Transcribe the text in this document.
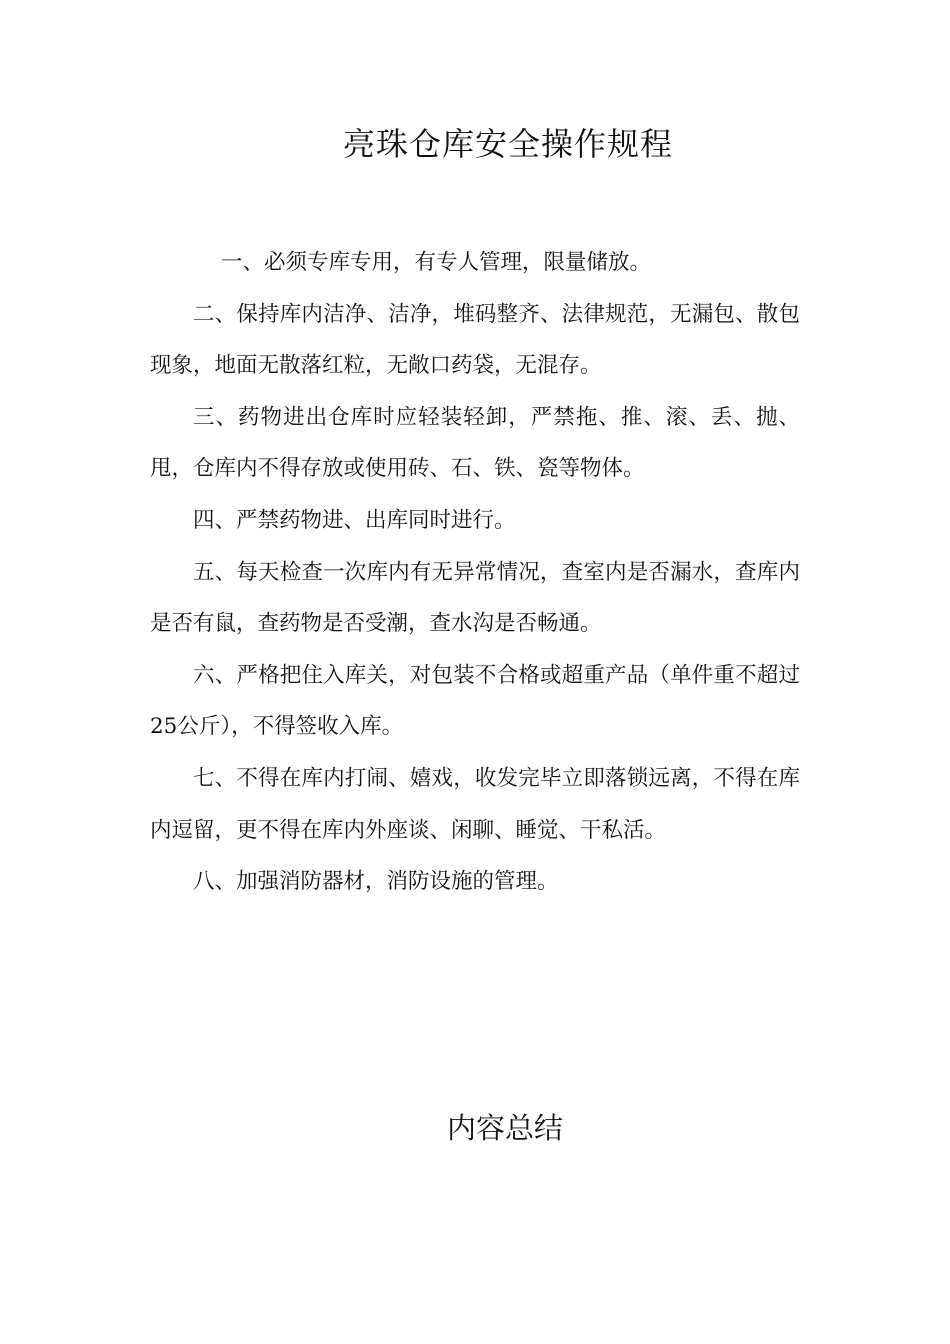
亮珠仓库安全操作规程

一、必须专库专用，有专人管理，限量储放。

二、保持库内洁净、洁净，堆码整齐、法律规范，无漏包、散包现象，地面无散落红粒，无敞口药袋，无混存。

三、药物进出仓库时应轻装轻卸，严禁拖、推、滚、丢、抛、甩，仓库内不得存放或使用砖、石、铁、瓷等物体。

四、严禁药物进、出库同时进行。

五、每天检查一次库内有无异常情况，查室内是否漏水，查库内是否有鼠，查药物是否受潮，查水沟是否畅通。

六、严格把住入库关，对包装不合格或超重产品（单件重不超过25公斤），不得签收入库。

七、不得在库内打闹、嬉戏，收发完毕立即落锁远离，不得在库内逗留，更不得在库内外座谈、闲聊、睡觉、干私活。

八、加强消防器材，消防设施的管理。

内容总结
